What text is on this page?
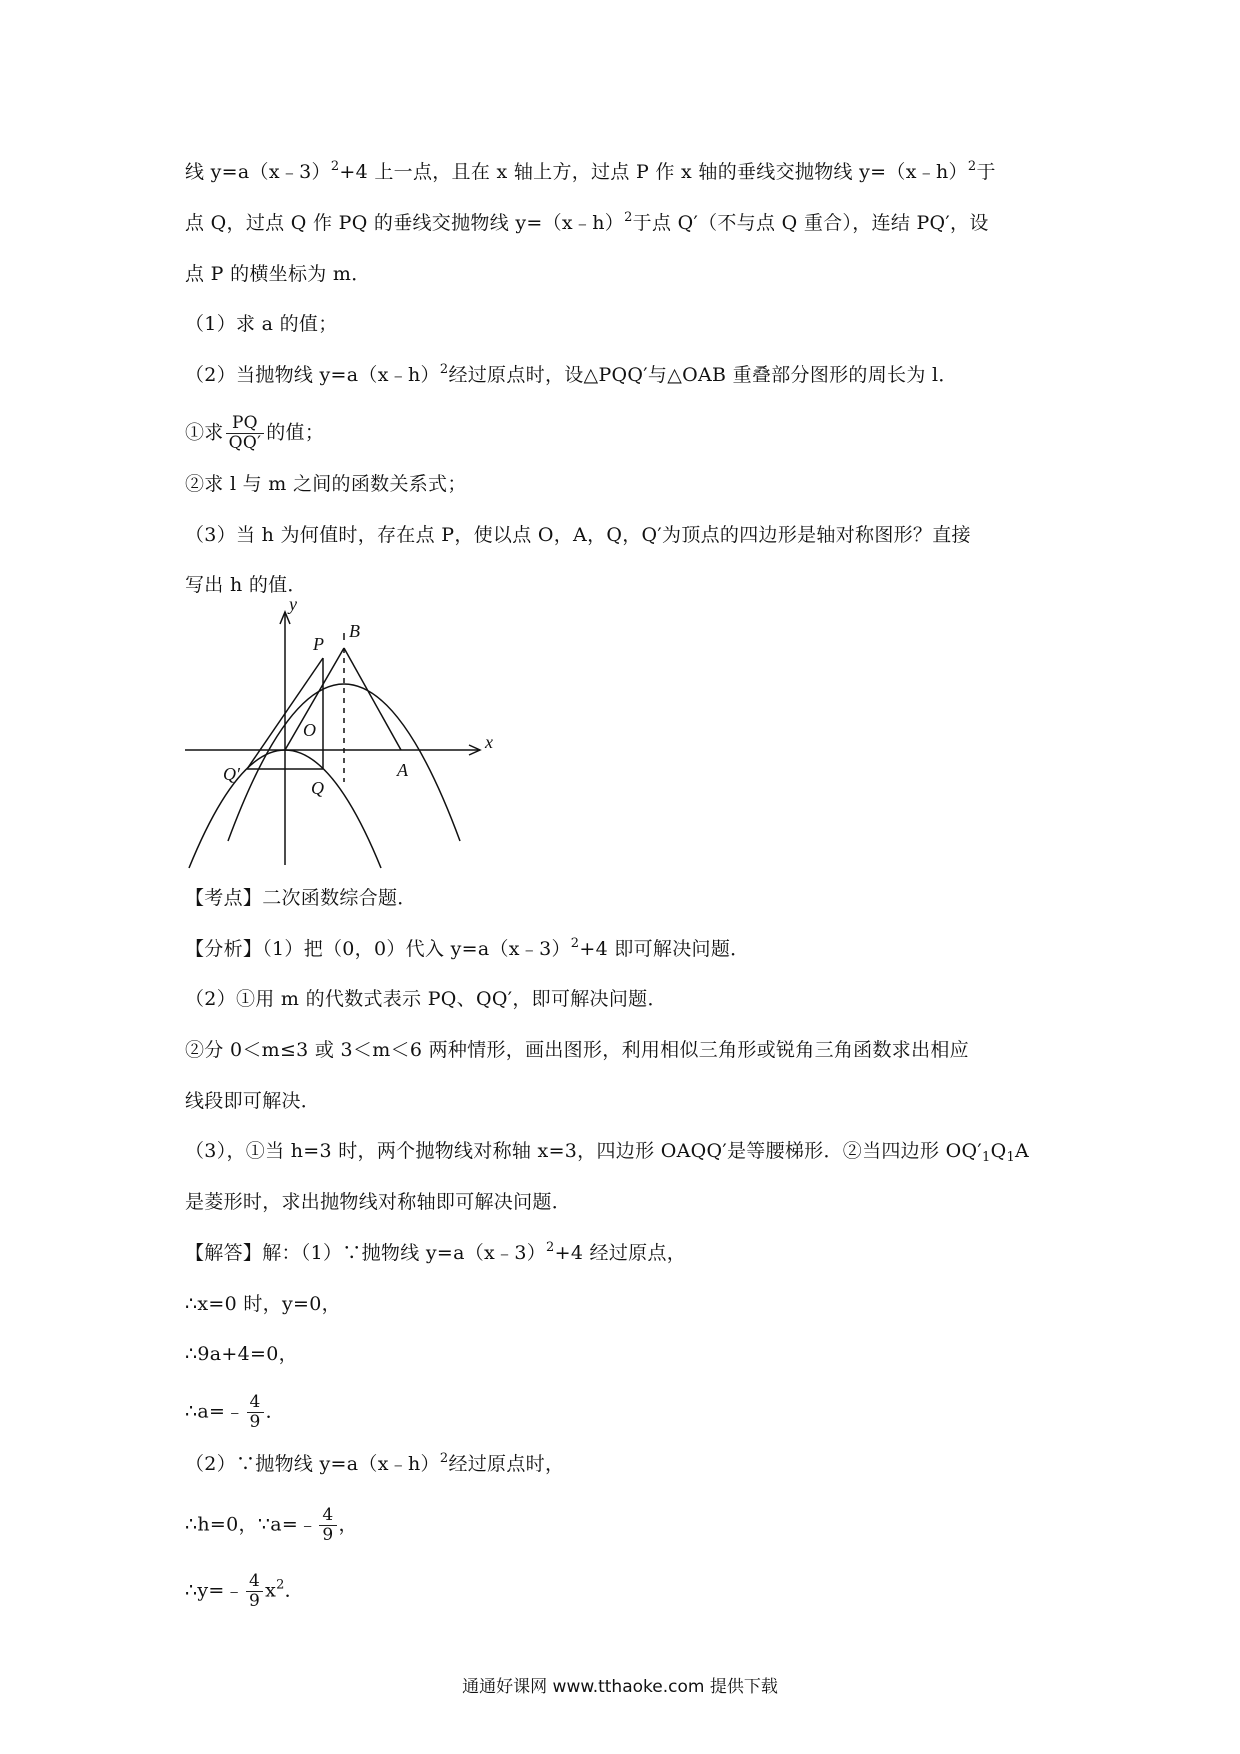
线 y=a（x﹣3）$^2$+4 上一点，且在 x 轴上方，过点 P 作 x 轴的垂线交抛物线 y=（x﹣h）$^2$于
点 Q，过点 Q 作 PQ 的垂线交抛物线 y=（x﹣h）$^2$于点 Q′（不与点 Q 重合），连结 PQ′，设
点 P 的横坐标为 m．
（1）求 a 的值；
（2）当抛物线 y=a（x﹣h）$^2$经过原点时，设△PQQ′与△OAB 重叠部分图形的周长为 l．
①求 $\frac{PQ}{QQ'}$ 的值；
②求 l 与 m 之间的函数关系式；
（3）当 h 为何值时，存在点 P，使以点 O，A，Q，Q′为顶点的四边形是轴对称图形？直接
写出 h 的值．
y
x
P
B
O
Q′
Q
A
【考点】二次函数综合题．
【分析】（1）把（0，0）代入 y=a（x﹣3）$^2$+4 即可解决问题．
（2）①用 m 的代数式表示 PQ、QQ′，即可解决问题．
②分 0＜m≤3 或 3＜m＜6 两种情形，画出图形，利用相似三角形或锐角三角函数求出相应
线段即可解决．
（3），①当 h=3 时，两个抛物线对称轴 x=3，四边形 OAQQ′是等腰梯形．②当四边形 $OQ'_1Q_1A$
是菱形时，求出抛物线对称轴即可解决问题．
【解答】解：（1）∵抛物线 y=a（x﹣3）$^2$+4 经过原点，
∴x=0 时，y=0，
∴9a+4=0，
∴a=﹣ $\frac{4}{9}$ ．
（2）∵抛物线 y=a（x﹣h）$^2$经过原点时，
∴h=0，∵a=﹣ $\frac{4}{9}$ ，
∴y=﹣ $\frac{4}{9} x^2$．
通通好课网 www.tthaoke.com 提供下载
